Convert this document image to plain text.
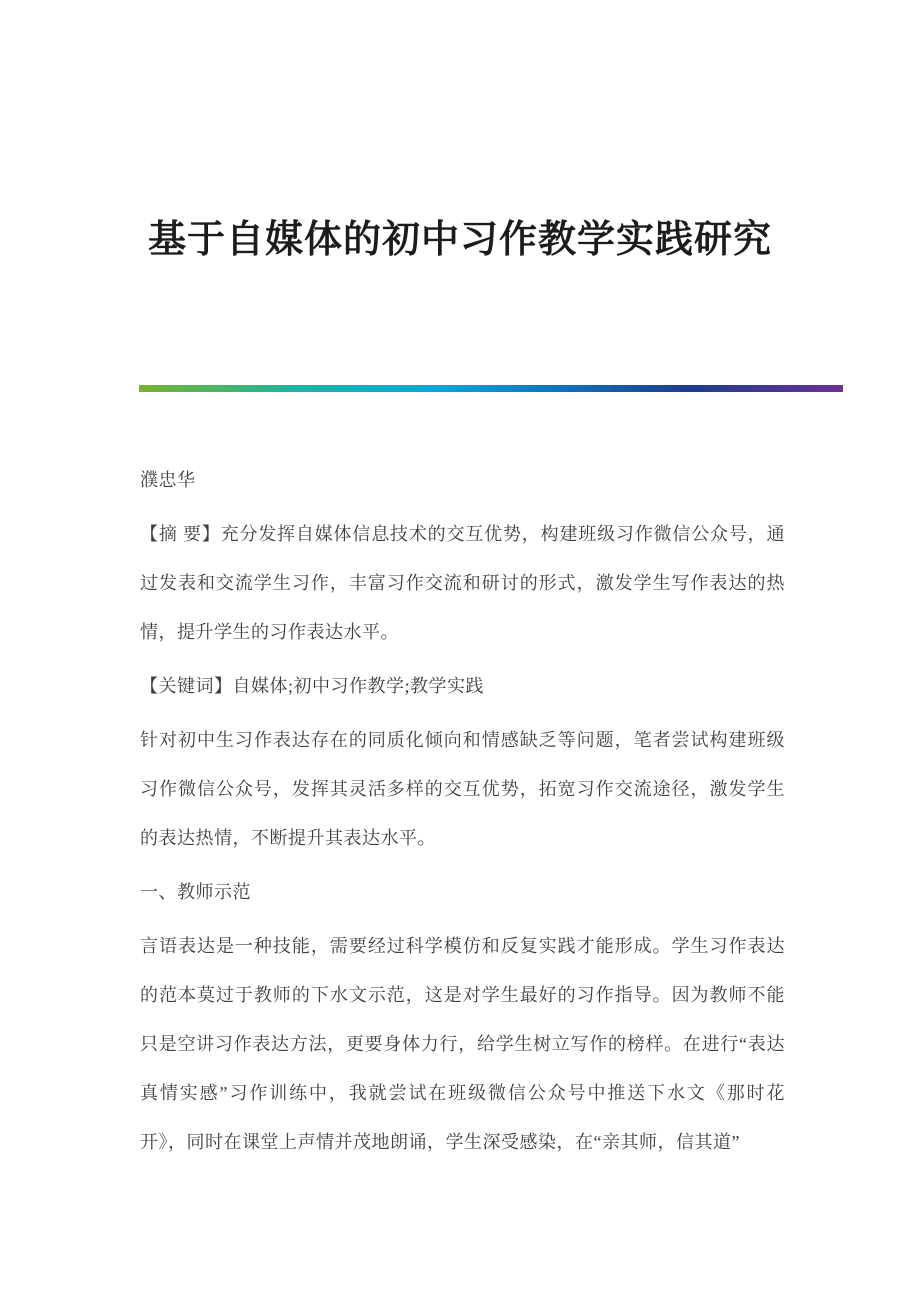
基于自媒体的初中习作教学实践研究

濮忠华

【摘 要】充分发挥自媒体信息技术的交互优势，构建班级习作微信公众号，通过发表和交流学生习作，丰富习作交流和研讨的形式，激发学生写作表达的热情，提升学生的习作表达水平。

【关键词】自媒体;初中习作教学;教学实践

针对初中生习作表达存在的同质化倾向和情感缺乏等问题，笔者尝试构建班级习作微信公众号，发挥其灵活多样的交互优势，拓宽习作交流途径，激发学生的表达热情，不断提升其表达水平。

一、教师示范

言语表达是一种技能，需要经过科学模仿和反复实践才能形成。学生习作表达的范本莫过于教师的下水文示范，这是对学生最好的习作指导。因为教师不能只是空讲习作表达方法，更要身体力行，给学生树立写作的榜样。在进行“表达真情实感”习作训练中，我就尝试在班级微信公众号中推送下水文《那时花开》，同时在课堂上声情并茂地朗诵，学生深受感染，在“亲其师，信其道”
